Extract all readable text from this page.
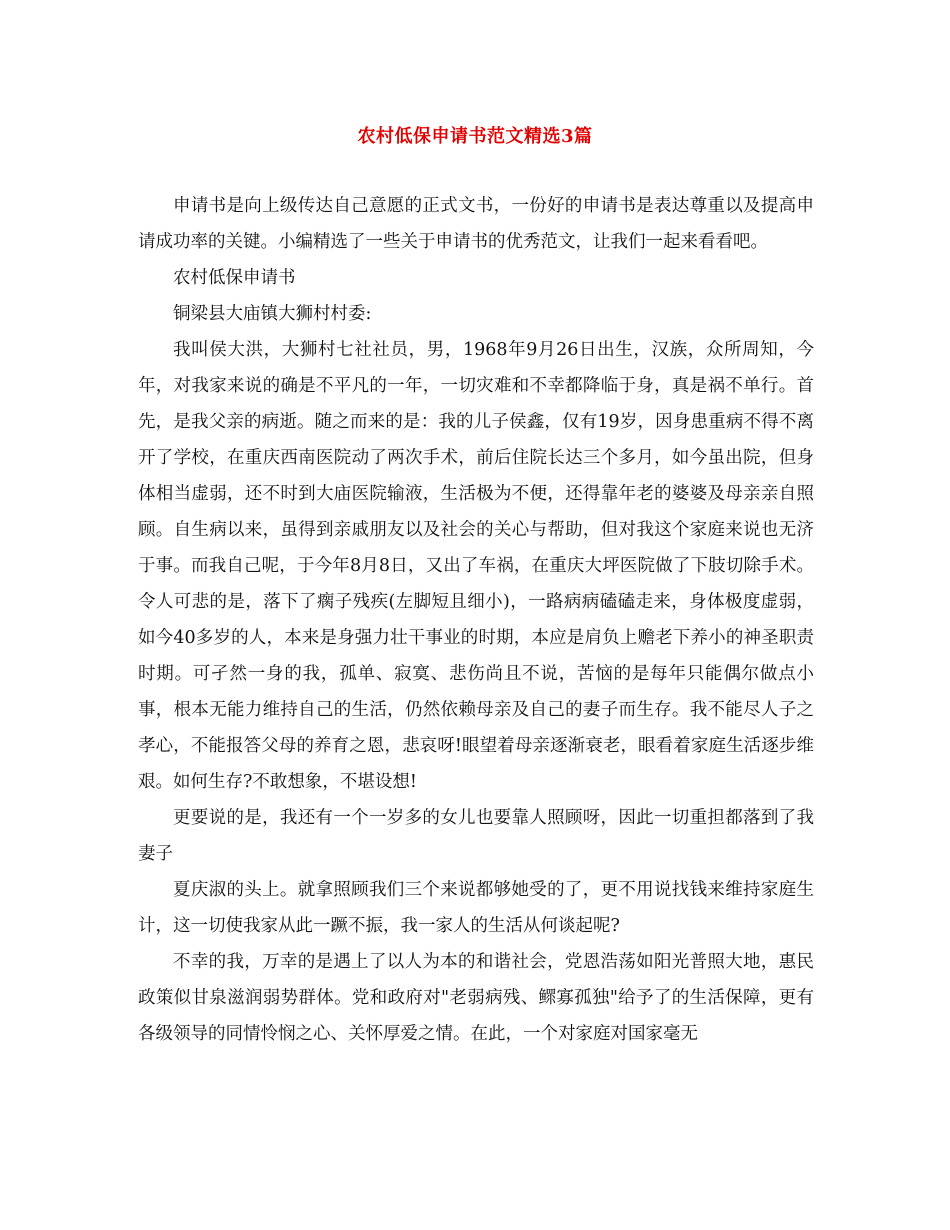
农村低保申请书范文精选3篇

申请书是向上级传达自己意愿的正式文书，一份好的申请书是表达尊重以及提高申请成功率的关键。小编精选了一些关于申请书的优秀范文，让我们一起来看看吧。

农村低保申请书

铜梁县大庙镇大狮村村委:

我叫侯大洪，大狮村七社社员，男，1968年9月26日出生，汉族，众所周知，今年，对我家来说的确是不平凡的一年，一切灾难和不幸都降临于身，真是祸不单行。首先，是我父亲的病逝。随之而来的是：我的儿子侯鑫，仅有19岁，因身患重病不得不离开了学校，在重庆西南医院动了两次手术，前后住院长达三个多月，如今虽出院，但身体相当虚弱，还不时到大庙医院输液，生活极为不便，还得靠年老的婆婆及母亲亲自照顾。自生病以来，虽得到亲戚朋友以及社会的关心与帮助，但对我这个家庭来说也无济于事。而我自己呢，于今年8月8日，又出了车祸，在重庆大坪医院做了下肢切除手术。令人可悲的是，落下了瘸子残疾(左脚短且细小)，一路病病磕磕走来，身体极度虚弱，如今40多岁的人，本来是身强力壮干事业的时期，本应是肩负上赡老下养小的神圣职责时期。可孑然一身的我，孤单、寂寞、悲伤尚且不说，苦恼的是每年只能偶尔做点小事，根本无能力维持自己的生活，仍然依赖母亲及自己的妻子而生存。我不能尽人子之孝心，不能报答父母的养育之恩，悲哀呀!眼望着母亲逐渐衰老，眼看着家庭生活逐步维艰。如何生存?不敢想象，不堪设想!

更要说的是，我还有一个一岁多的女儿也要靠人照顾呀，因此一切重担都落到了我妻子

夏庆淑的头上。就拿照顾我们三个来说都够她受的了，更不用说找钱来维持家庭生计，这一切使我家从此一蹶不振，我一家人的生活从何谈起呢?

不幸的我，万幸的是遇上了以人为本的和谐社会，党恩浩荡如阳光普照大地，惠民政策似甘泉滋润弱势群体。党和政府对"老弱病残、鳏寡孤独"给予了的生活保障，更有各级领导的同情怜悯之心、关怀厚爱之情。在此，一个对家庭对国家毫无
